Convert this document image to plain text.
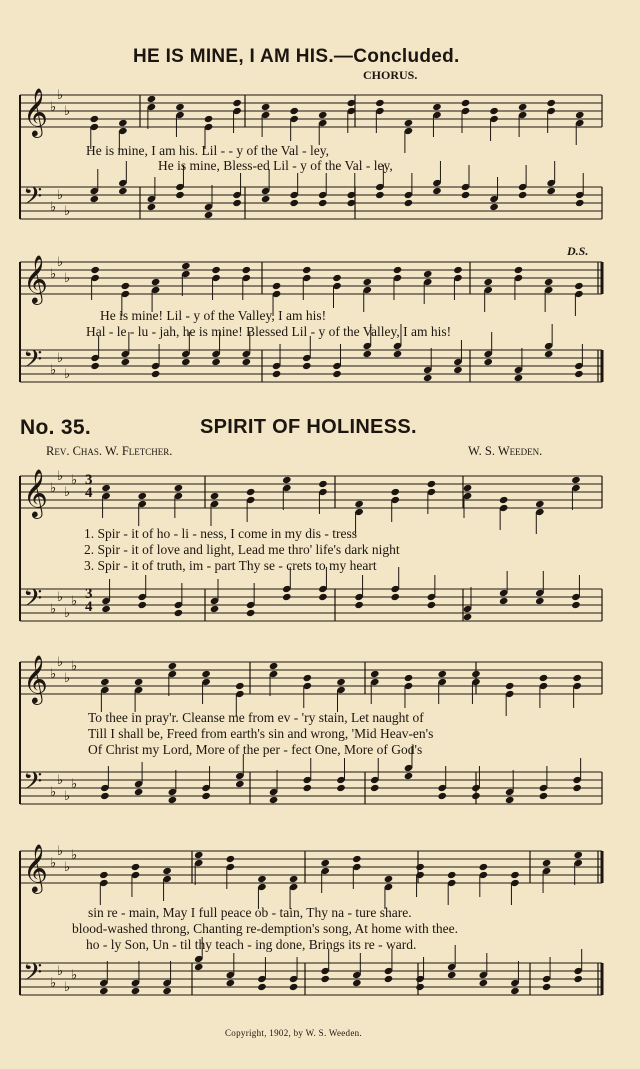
HE IS MINE, I AM HIS.—Concluded.
CHORUS.
D.S.
He is mine, I am his. Lil - - y of the Val - ley,
He is mine, Bless-ed Lil - y of the Val - ley,
He is mine! Lil - y of the Valley, I am his!
Hal - le - lu - jah, he is mine! Blessed Lil - y of the Valley, I am his!
No. 35.	SPIRIT OF HOLINESS.
Rev. Chas. W. Fletcher.	W. S. Weeden.
3
4
3
4
1. Spir - it of ho - li - ness, I come in my dis - tress
2. Spir - it of love and light, Lead me thro' life's dark night
3. Spir - it of truth, im - part Thy se - crets to my heart
To thee in pray'r. Cleanse me from ev - 'ry stain, Let naught of
Till I shall be, Freed from earth's sin and wrong, 'Mid Heav-en's
Of Christ my Lord, More of the per - fect One, More of God's
sin re - main, May I full peace ob - tain, Thy na - ture share.
blood-washed throng, Chanting re-demption's song, At home with thee.
ho - ly Son, Un - til thy teach - ing done, Brings its re - ward.
Copyright, 1902, by W. S. Weeden.
𝄞
𝄢
♭
♭
♭
♭
♭
♭
𝄞
𝄢
♭
♭
♭
♭
♭
♭
𝄞
𝄢
♭
♭
♭
♭
♭
♭
♭
♭
𝄞
𝄢
♭
♭
♭
♭
♭
♭
♭
♭
𝄞
𝄢
♭
♭
♭
♭
♭
♭
♭
♭
